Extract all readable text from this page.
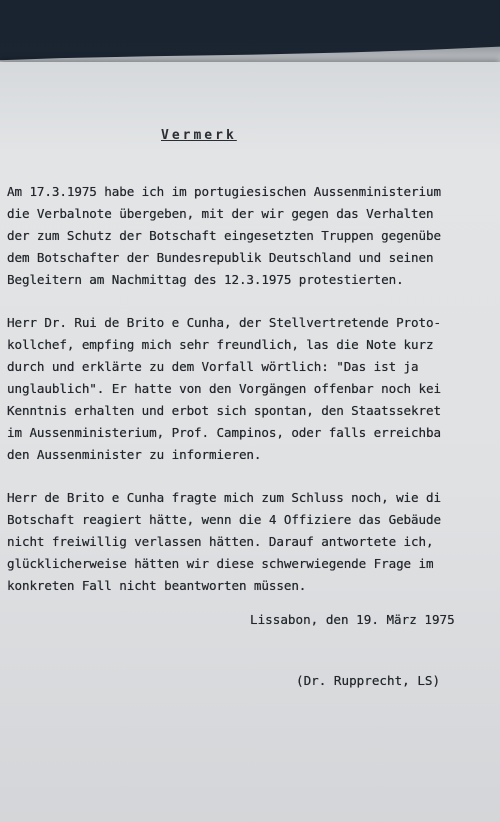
Vermerk
Am 17.3.1975 habe ich im portugiesischen Aussenministerium
die Verbalnote übergeben, mit der wir gegen das Verhalten
der zum Schutz der Botschaft eingesetzten Truppen gegenübe
dem Botschafter der Bundesrepublik Deutschland und seinen
Begleitern am Nachmittag des 12.3.1975 protestierten.
Herr Dr. Rui de Brito e Cunha, der Stellvertretende Proto-
kollchef, empfing mich sehr freundlich, las die Note kurz
durch und erklärte zu dem Vorfall wörtlich: "Das ist ja
unglaublich". Er hatte von den Vorgängen offenbar noch kei
Kenntnis erhalten und erbot sich spontan, den Staatssekret
im Aussenministerium, Prof. Campinos, oder falls erreichba
den Aussenminister zu informieren.
Herr de Brito e Cunha fragte mich zum Schluss noch, wie di
Botschaft reagiert hätte, wenn die 4 Offiziere das Gebäude
nicht freiwillig verlassen hätten. Darauf antwortete ich,
glücklicherweise hätten wir diese schwerwiegende Frage im
konkreten Fall nicht beantworten müssen.
Lissabon, den 19. März 1975
(Dr. Rupprecht, LS)
